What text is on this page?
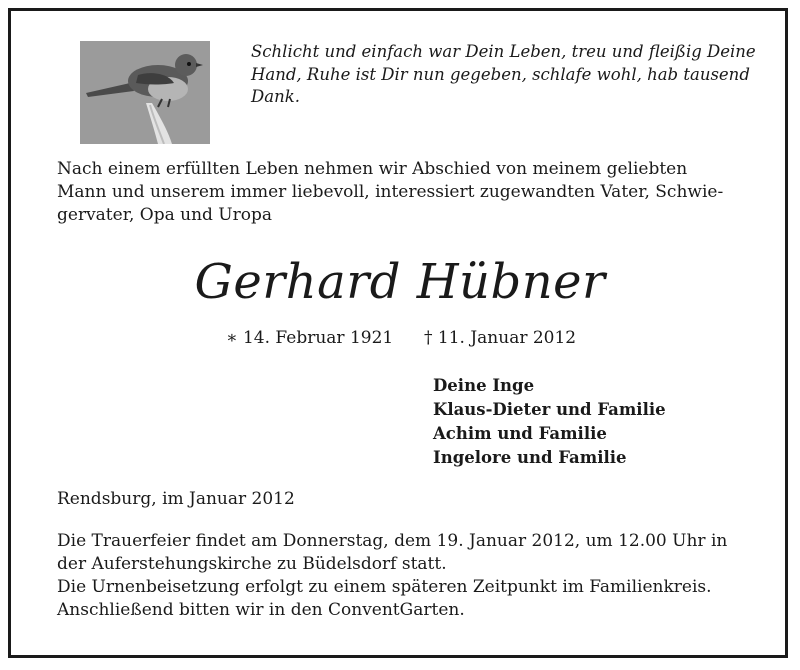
Schlicht und einfach war Dein Leben, treu und fleißig Deine
Hand, Ruhe ist Dir nun gegeben, schlafe wohl, hab tausend
Dank.
Nach einem erfüllten Leben nehmen wir Abschied von meinem geliebten
Mann und unserem immer liebevoll, interessiert zugewandten Vater, Schwie-
gervater, Opa und Uropa
Gerhard Hübner
∗ 14. Februar 1921 † 11. Januar 2012
Deine Inge
Klaus-Dieter und Familie
Achim und Familie
Ingelore und Familie
Rendsburg, im Januar 2012
Die Trauerfeier findet am Donnerstag, dem 19. Januar 2012, um 12.00 Uhr in
der Auferstehungskirche zu Büdelsdorf statt.
Die Urnenbeisetzung erfolgt zu einem späteren Zeitpunkt im Familienkreis.
Anschließend bitten wir in den ConventGarten.
